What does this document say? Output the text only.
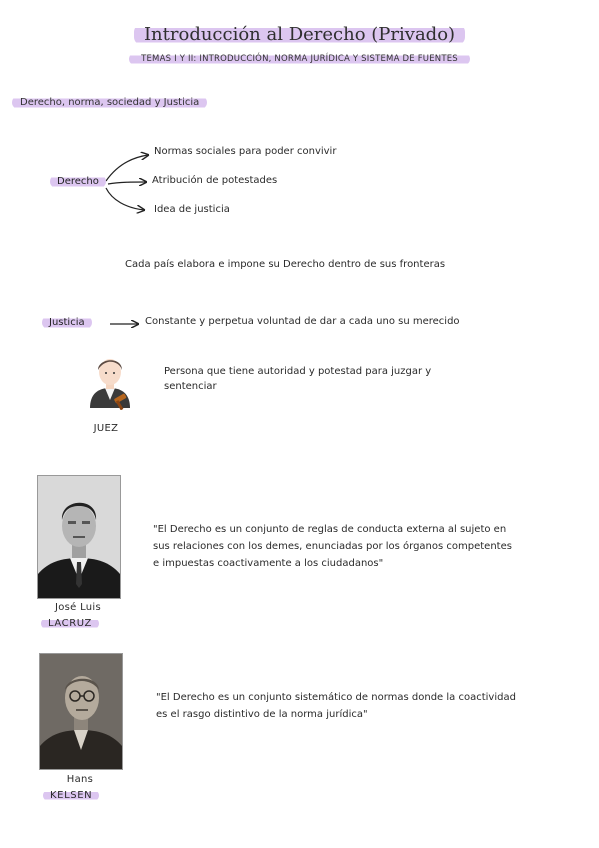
Introducción al Derecho (Privado)
TEMAS I Y II: INTRODUCCIÓN, NORMA JURÍDICA Y SISTEMA DE FUENTES
Derecho, norma, sociedad y Justicia
Derecho
Normas sociales para poder convivir
Atribución de potestades
Idea de justicia
Cada país elabora e impone su Derecho dentro de sus fronteras
Justicia	Constante y perpetua voluntad de dar a cada uno su merecido
Persona que tiene autoridad y potestad para juzgar y
sentenciar
JUEZ
José Luis
LACRUZ
"El Derecho es un conjunto de reglas de conducta externa al sujeto en
sus relaciones con los demes, enunciadas por los órganos competentes
e impuestas coactivamente a los ciudadanos"
Hans
KELSEN
"El Derecho es un conjunto sistemático de normas donde la coactividad
es el rasgo distintivo de la norma jurídica"
